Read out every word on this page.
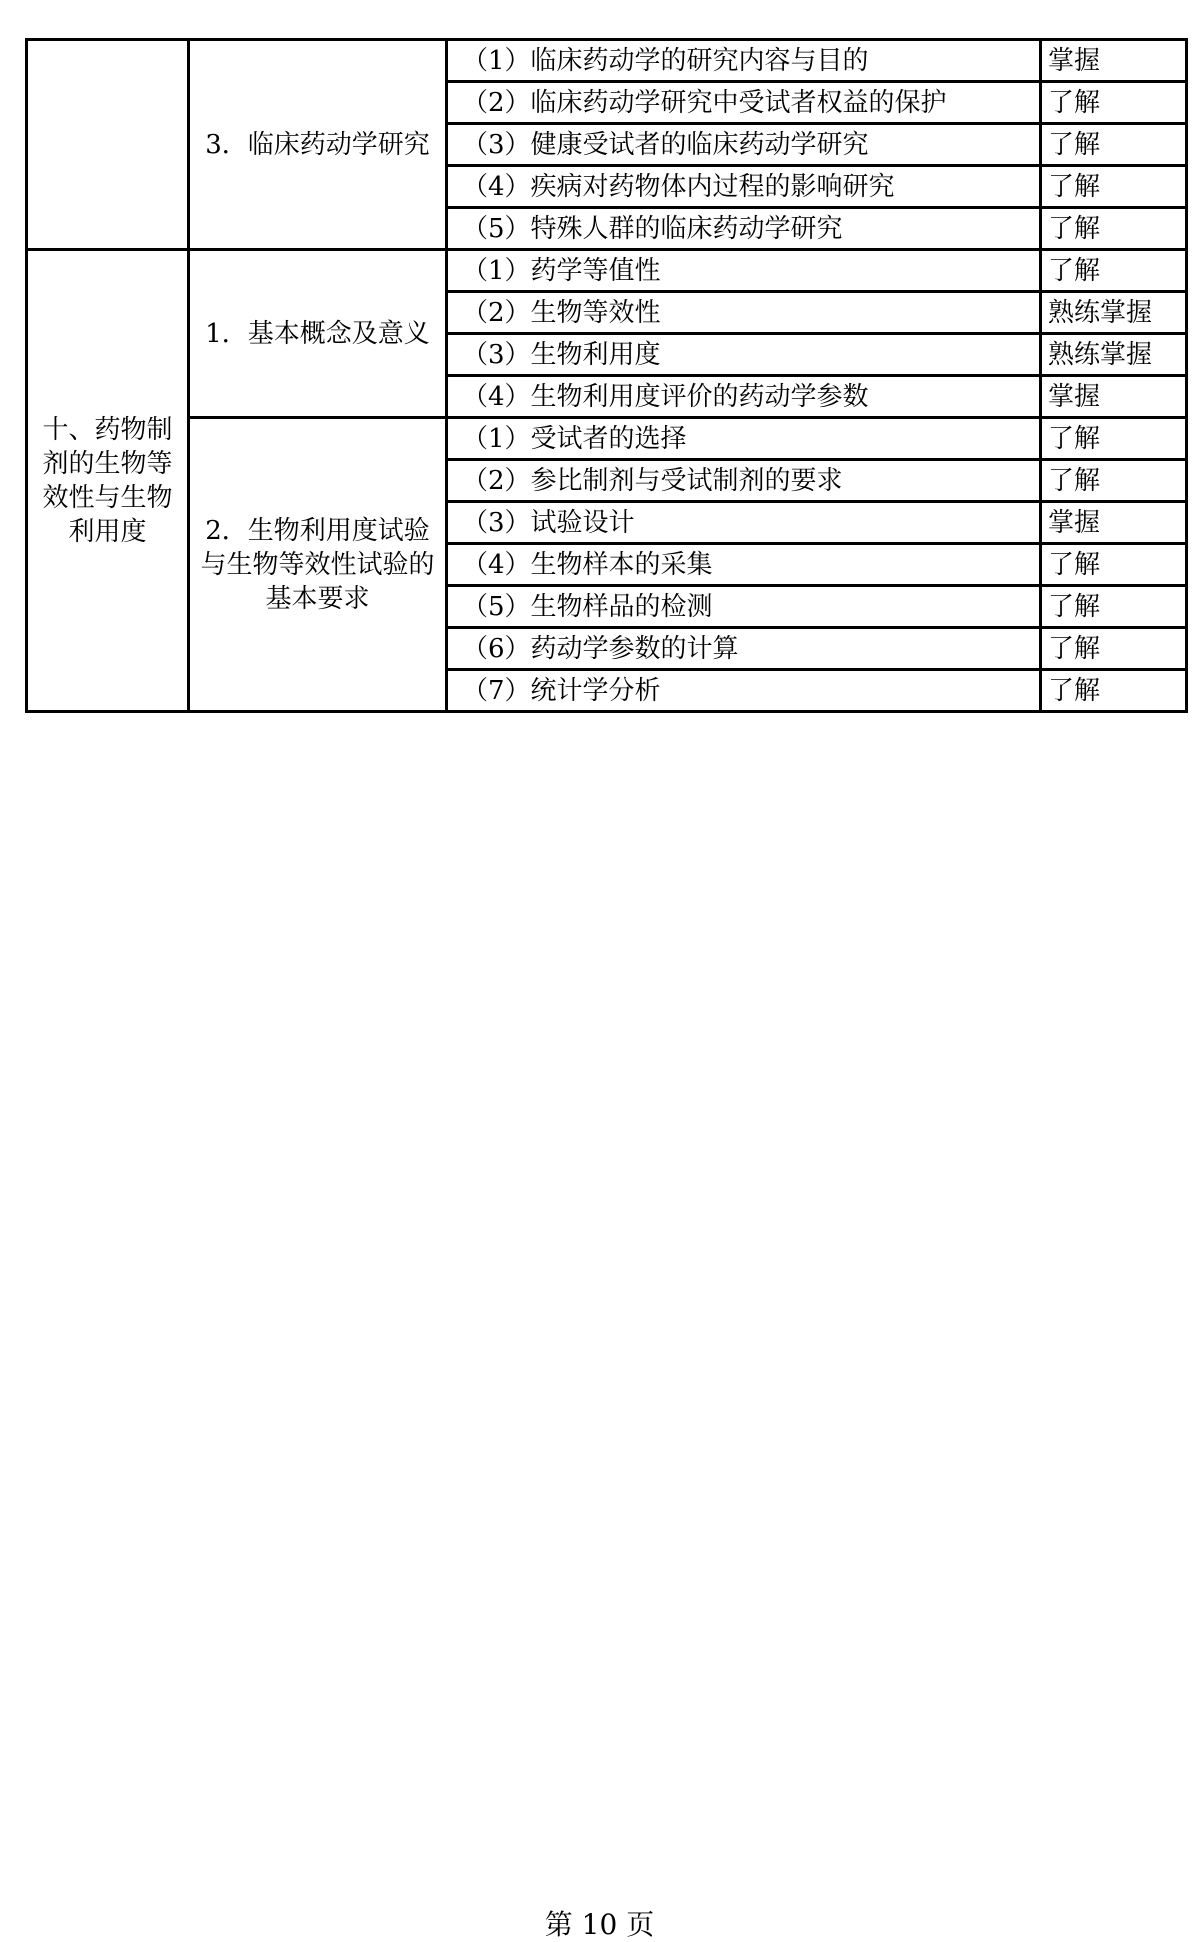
	3．临床药动学研究	（1）临床药动学的研究内容与目的	掌握
		（2）临床药动学研究中受试者权益的保护	了解
		（3）健康受试者的临床药动学研究	了解
		（4）疾病对药物体内过程的影响研究	了解
		（5）特殊人群的临床药动学研究	了解
十、药物制剂的生物等效性与生物利用度	1．基本概念及意义	（1）药学等值性	了解
		（2）生物等效性	熟练掌握
		（3）生物利用度	熟练掌握
		（4）生物利用度评价的药动学参数	掌握
	2．生物利用度试验与生物等效性试验的基本要求	（1）受试者的选择	了解
		（2）参比制剂与受试制剂的要求	了解
		（3）试验设计	掌握
		（4）生物样本的采集	了解
		（5）生物样品的检测	了解
		（6）药动学参数的计算	了解
		（7）统计学分析	了解
第 10 页
